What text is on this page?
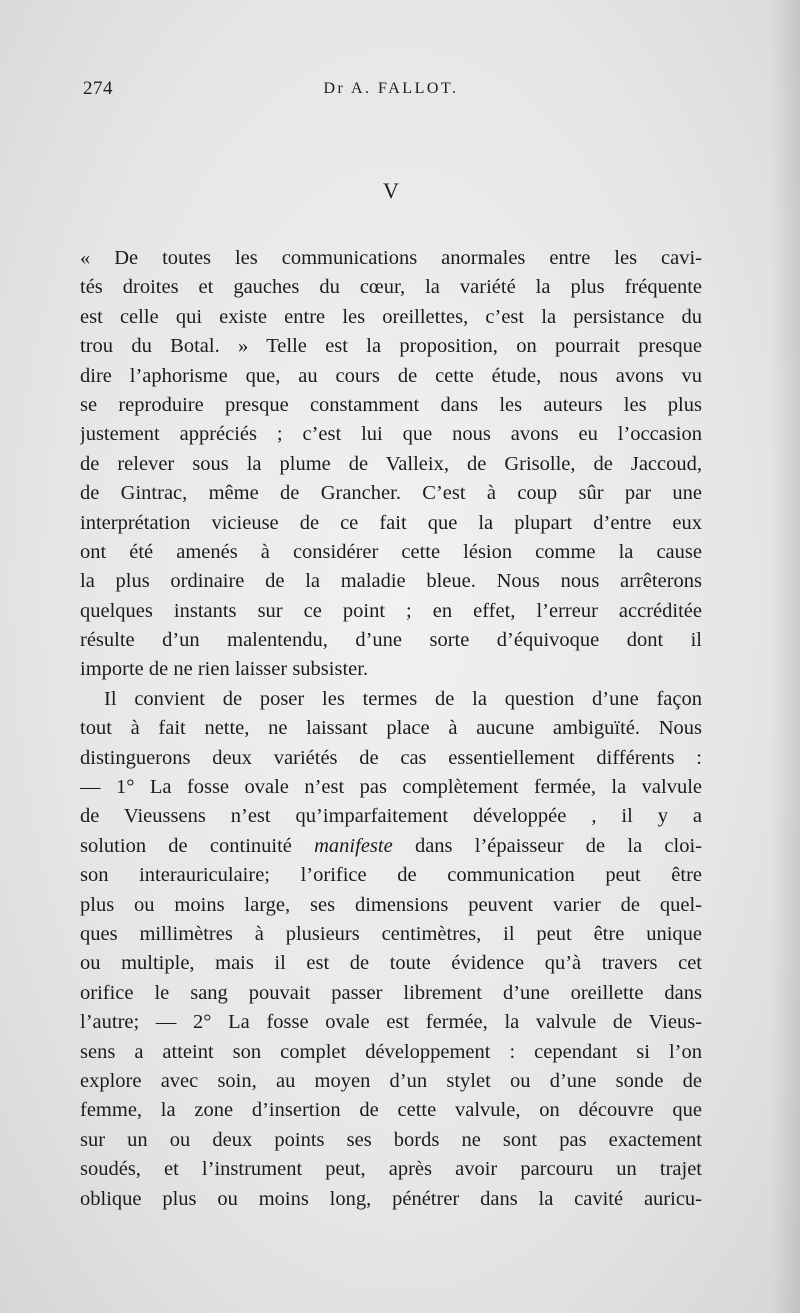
274	Dr A. FALLOT.
V
« De toutes les communications anormales entre les cavi-
tés droites et gauches du cœur, la variété la plus fréquente
est celle qui existe entre les oreillettes, c’est la persistance du
trou du Botal. » Telle est la proposition, on pourrait presque
dire l’aphorisme que, au cours de cette étude, nous avons vu
se reproduire presque constamment dans les auteurs les plus
justement appréciés ; c’est lui que nous avons eu l’occasion
de relever sous la plume de Valleix, de Grisolle, de Jaccoud,
de Gintrac, même de Grancher. C’est à coup sûr par une
interprétation vicieuse de ce fait que la plupart d’entre eux
ont été amenés à considérer cette lésion comme la cause
la plus ordinaire de la maladie bleue. Nous nous arrêterons
quelques instants sur ce point ; en effet, l’erreur accréditée
résulte d’un malentendu, d’une sorte d’équivoque dont il
importe de ne rien laisser subsister.
Il convient de poser les termes de la question d’une façon
tout à fait nette, ne laissant place à aucune ambiguïté. Nous
distinguerons deux variétés de cas essentiellement différents :
— 1° La fosse ovale n’est pas complètement fermée, la valvule
de Vieussens n’est qu’imparfaitement développée , il y a
solution de continuité manifeste dans l’épaisseur de la cloi-
son interauriculaire; l’orifice de communication peut être
plus ou moins large, ses dimensions peuvent varier de quel-
ques millimètres à plusieurs centimètres, il peut être unique
ou multiple, mais il est de toute évidence qu’à travers cet
orifice le sang pouvait passer librement d’une oreillette dans
l’autre; — 2° La fosse ovale est fermée, la valvule de Vieus-
sens a atteint son complet développement : cependant si l’on
explore avec soin, au moyen d’un stylet ou d’une sonde de
femme, la zone d’insertion de cette valvule, on découvre que
sur un ou deux points ses bords ne sont pas exactement
soudés, et l’instrument peut, après avoir parcouru un trajet
oblique plus ou moins long, pénétrer dans la cavité auricu-
